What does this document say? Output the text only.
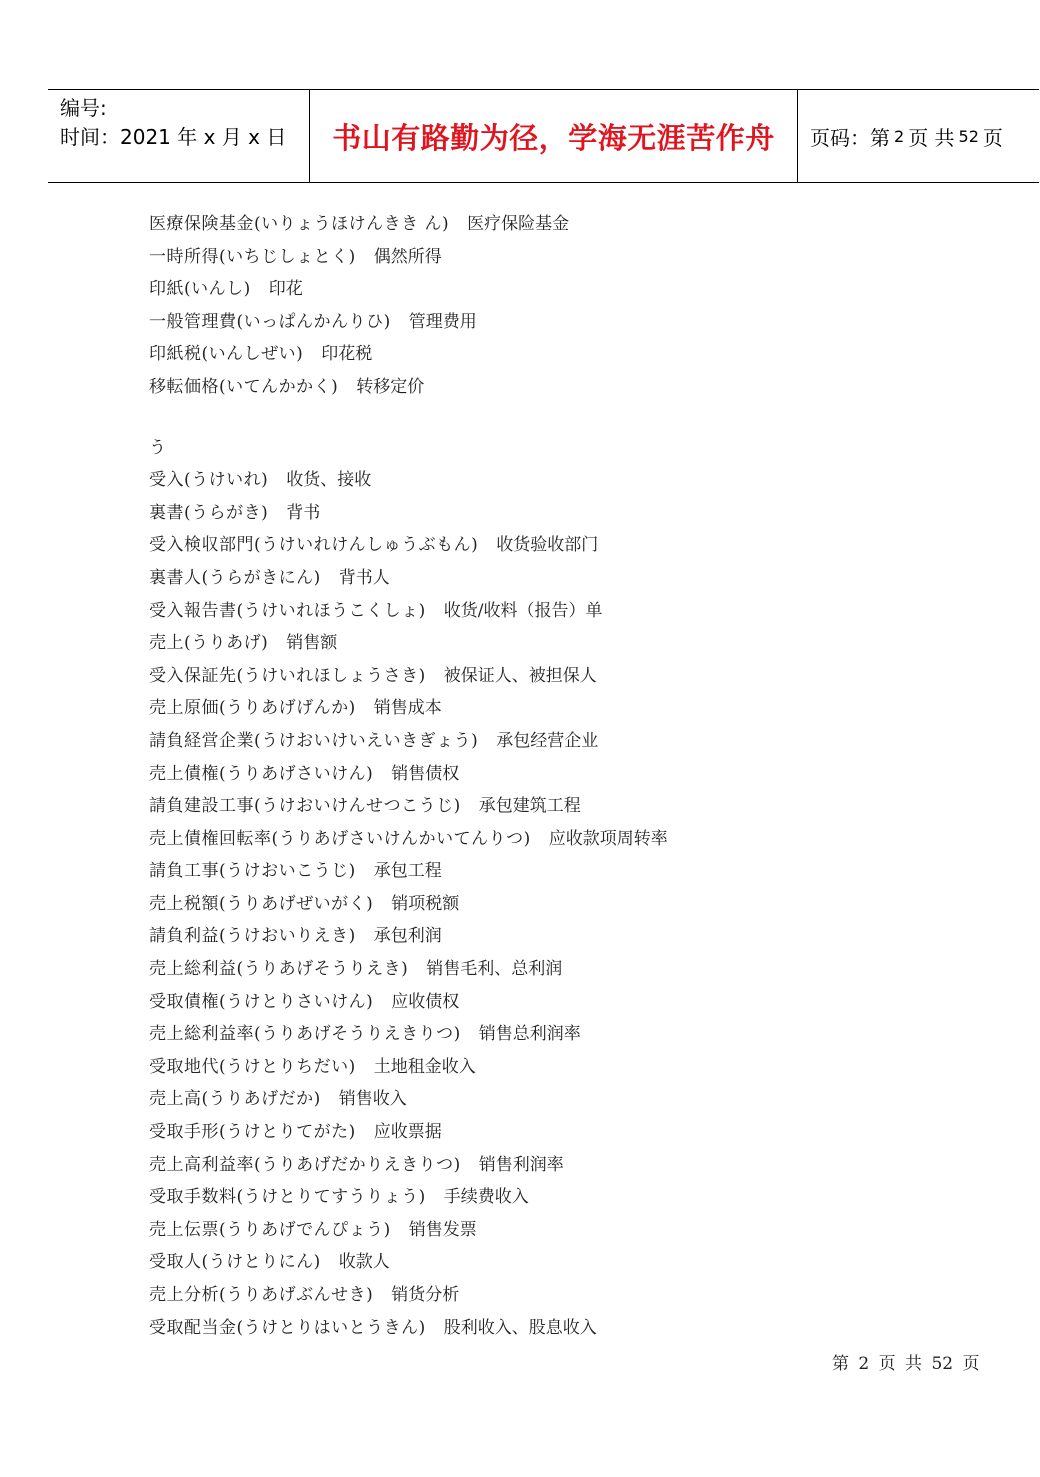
编号:
时间：2021 年 x 月 x 日	书山有路勤为径，学海无涯苦作舟	页码：第 2 页 共 52 页
医療保険基金(いりょうほけんきき ん) 医疗保险基金
一時所得(いちじしょとく) 偶然所得
印紙(いんし) 印花
一般管理費(いっぱんかんりひ) 管理费用
印紙税(いんしぜい) 印花税
移転価格(いてんかかく) 转移定价
う
受入(うけいれ) 收货、接收
裏書(うらがき) 背书
受入検収部門(うけいれけんしゅうぶもん) 收货验收部门
裏書人(うらがきにん) 背书人
受入報告書(うけいれほうこくしょ) 收货/收料（报告）单
売上(うりあげ) 销售额
受入保証先(うけいれほしょうさき) 被保证人、被担保人
売上原価(うりあげげんか) 销售成本
請負経営企業(うけおいけいえいきぎょう) 承包经营企业
売上債権(うりあげさいけん) 销售债权
請負建設工事(うけおいけんせつこうじ) 承包建筑工程
売上債権回転率(うりあげさいけんかいてんりつ) 应收款项周转率
請負工事(うけおいこうじ) 承包工程
売上税額(うりあげぜいがく) 销项税额
請負利益(うけおいりえき) 承包利润
売上総利益(うりあげそうりえき) 销售毛利、总利润
受取債権(うけとりさいけん) 应收债权
売上総利益率(うりあげそうりえきりつ) 销售总利润率
受取地代(うけとりちだい) 土地租金收入
売上高(うりあげだか) 销售收入
受取手形(うけとりてがた) 应收票据
売上高利益率(うりあげだかりえきりつ) 销售利润率
受取手数料(うけとりてすうりょう) 手续费收入
売上伝票(うりあげでんぴょう) 销售发票
受取人(うけとりにん) 收款人
売上分析(うりあげぶんせき) 销货分析
受取配当金(うけとりはいとうきん) 股利收入、股息收入
第 2 页 共 52 页
